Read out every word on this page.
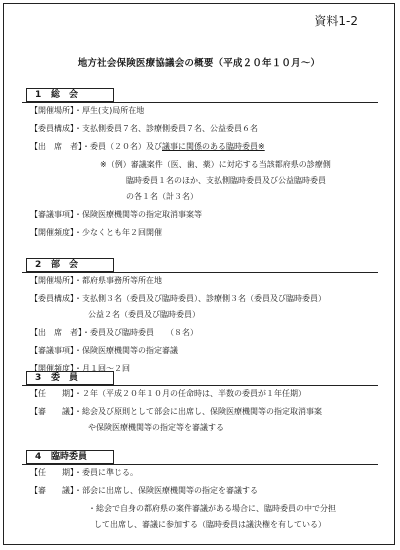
資料1-2
地方社会保険医療協議会の概要（平成２０年１０月～）
1 総　会
【開催場所】・厚生(支)局所在地
【委員構成】・支払側委員７名、診療側委員７名、公益委員６名
【出　席　者】・委員（２０名）及び議事に関係のある臨時委員※
※（例）審議案件（医、歯、薬）に対応する当該都府県の診療側
臨時委員１名のほか、支払側臨時委員及び公益臨時委員
の各１名（計３名）
【審議事項】・保険医療機関等の指定取消事案等
【開催頻度】・少なくとも年２回開催
2 部　会
【開催場所】・都府県事務所等所在地
【委員構成】・支払側３名（委員及び臨時委員）、診療側３名（委員及び臨時委員）
公益２名（委員及び臨時委員）
【出　席　者】・委員及び臨時委員　　（８名）
【審議事項】・保険医療機関等の指定審議
【開催頻度】・月１回～２回
3 委　員
【任　　期】・２年（平成２０年１０月の任命時は、半数の委員が１年任期）
【審　　議】・総会及び原則として部会に出席し、保険医療機関等の指定取消事案
や保険医療機関等の指定等を審議する
4 臨時委員
【任　　期】・委員に準じる。
【審　　議】・部会に出席し、保険医療機関等の指定を審議する
・総会で自身の都府県の案件審議がある場合に、臨時委員の中で分担
して出席し、審議に参加する（臨時委員は議決権を有している）
